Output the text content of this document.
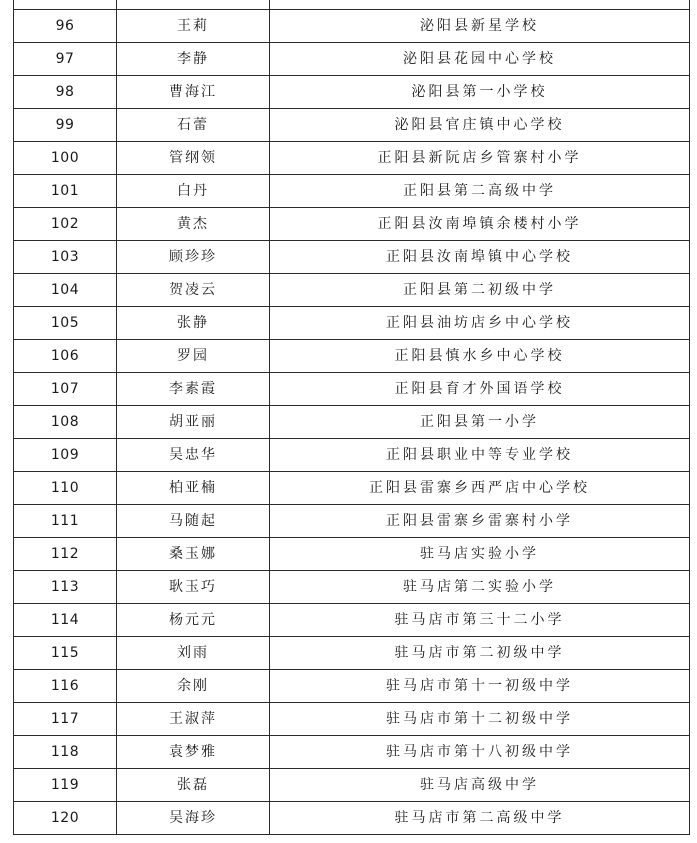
96	王莉	泌阳县新星学校
97	李静	泌阳县花园中心学校
98	曹海江	泌阳县第一小学校
99	石蕾	泌阳县官庄镇中心学校
100	管纲领	正阳县新阮店乡管寨村小学
101	白丹	正阳县第二高级中学
102	黄杰	正阳县汝南埠镇余楼村小学
103	顾珍珍	正阳县汝南埠镇中心学校
104	贺凌云	正阳县第二初级中学
105	张静	正阳县油坊店乡中心学校
106	罗园	正阳县慎水乡中心学校
107	李素霞	正阳县育才外国语学校
108	胡亚丽	正阳县第一小学
109	吴忠华	正阳县职业中等专业学校
110	柏亚楠	正阳县雷寨乡西严店中心学校
111	马随起	正阳县雷寨乡雷寨村小学
112	桑玉娜	驻马店实验小学
113	耿玉巧	驻马店第二实验小学
114	杨元元	驻马店市第三十二小学
115	刘雨	驻马店市第二初级中学
116	余刚	驻马店市第十一初级中学
117	王淑萍	驻马店市第十二初级中学
118	袁梦雅	驻马店市第十八初级中学
119	张磊	驻马店高级中学
120	吴海珍	驻马店市第二高级中学
